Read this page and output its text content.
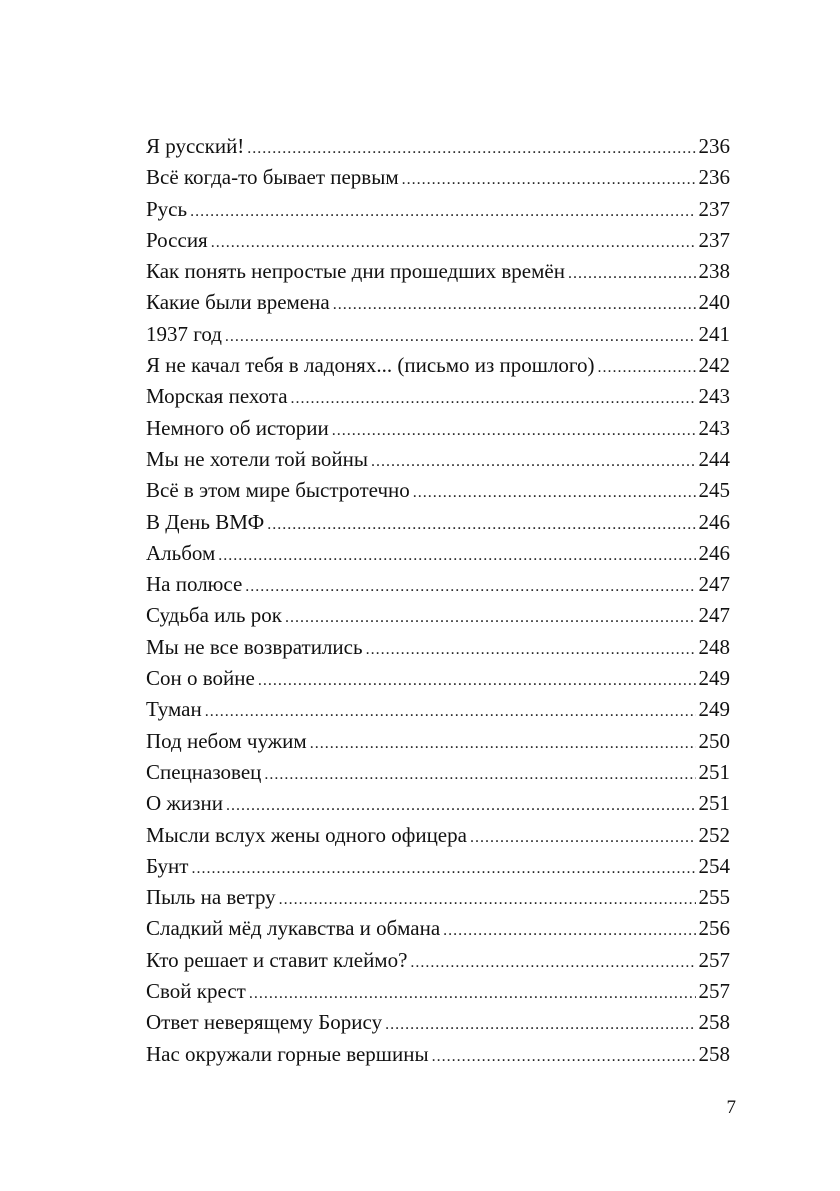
Я русский! .....	236
Всё когда-то бывает первым .....	236
Русь .....	237
Россия .....	237
Как понять непростые дни прошедших времён .....	238
Какие были времена .....	240
1937 год .....	241
Я не качал тебя в ладонях... (письмо из прошлого) .....	242
Морская пехота .....	243
Немного об истории .....	243
Мы не хотели той войны .....	244
Всё в этом мире быстротечно .....	245
В День ВМФ .....	246
Альбом .....	246
На полюсе .....	247
Судьба иль рок .....	247
Мы не все возвратились .....	248
Сон о войне .....	249
Туман .....	249
Под небом чужим .....	250
Спецназовец .....	251
О жизни .....	251
Мысли вслух жены одного офицера .....	252
Бунт .....	254
Пыль на ветру .....	255
Сладкий мёд лукавства и обмана .....	256
Кто решает и ставит клеймо? .....	257
Свой крест .....	257
Ответ неверящему Борису .....	258
Нас окружали горные вершины .....	258
7
